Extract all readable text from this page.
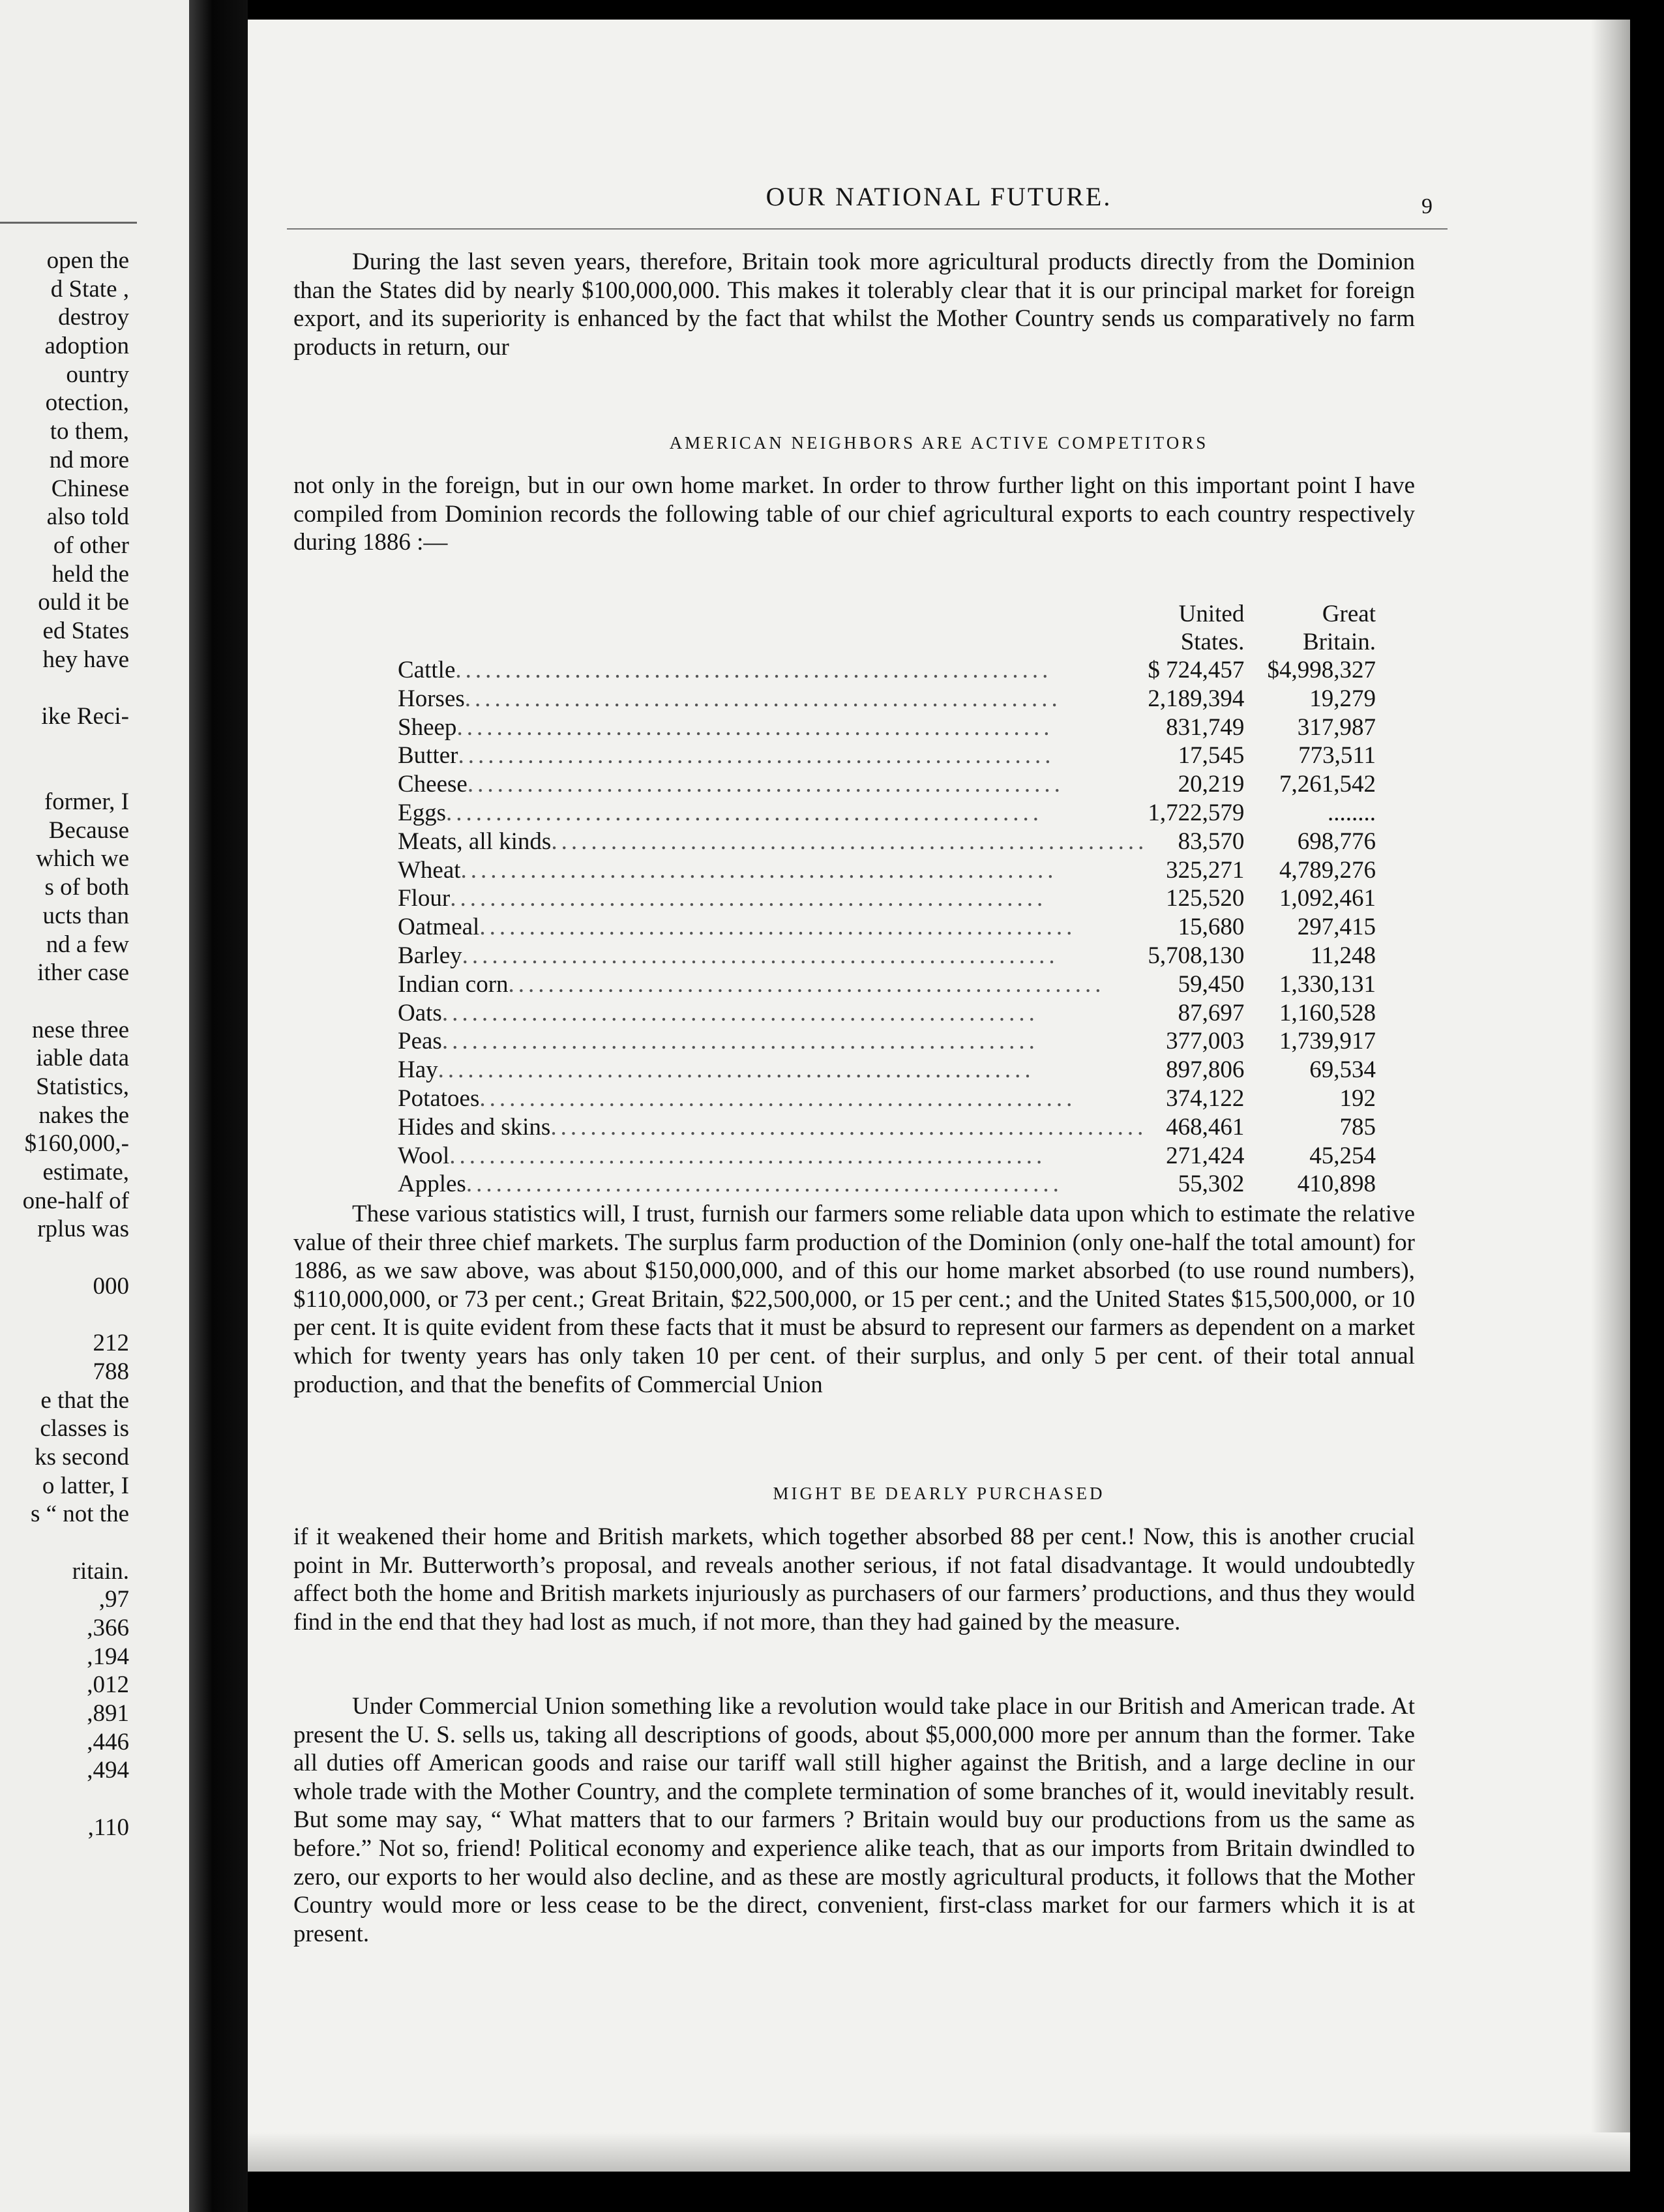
open the
d State ,
destroy
adoption
ountry
otection,
to them,
nd more
Chinese
also told
of other
held the
ould it be
ed States
hey have
ike Reci-
former, I
Because
which we
s of both
ucts than
nd a few
ither case
nese three
iable data
Statistics,
nakes the
$160,000,-
estimate,
one-half of
rplus was
000
212
788
e that the
classes is
ks second
o latter, I
s “ not the
ritain.
,97
,366
,194
,012
,891
,446
,494
,110
OUR NATIONAL FUTURE.	9

During the last seven years, therefore, Britain took more agricultural products directly from the Dominion than the States did by nearly $100,000,000. This makes it tolerably clear that it is our principal market for foreign export, and its superiority is enhanced by the fact that whilst the Mother Country sends us comparatively no farm products in return, our

AMERICAN NEIGHBORS ARE ACTIVE COMPETITORS

not only in the foreign, but in our own home market. In order to throw further light on this important point I have compiled from Dominion records the following table of our chief agricultural exports to each country respectively during 1886 :—

	United States.	Great Britain.
Cattle............................................................	$ 724,457	$4,998,327
Horses............................................................	2,189,394	19,279
Sheep............................................................	831,749	317,987
Butter............................................................	17,545	773,511
Cheese............................................................	20,219	7,261,542
Eggs............................................................	1,722,579	........
Meats, all kinds............................................................	83,570	698,776
Wheat............................................................	325,271	4,789,276
Flour............................................................	125,520	1,092,461
Oatmeal............................................................	15,680	297,415
Barley............................................................	5,708,130	11,248
Indian corn............................................................	59,450	1,330,131
Oats............................................................	87,697	1,160,528
Peas............................................................	377,003	1,739,917
Hay............................................................	897,806	69,534
Potatoes............................................................	374,122	192
Hides and skins............................................................	468,461	785
Wool............................................................	271,424	45,254
Apples............................................................	55,302	410,898

These various statistics will, I trust, furnish our farmers some reliable data upon which to estimate the relative value of their three chief markets. The surplus farm production of the Dominion (only one-half the total amount) for 1886, as we saw above, was about $150,000,000, and of this our home market absorbed (to use round numbers), $110,000,000, or 73 per cent.; Great Britain, $22,500,000, or 15 per cent.; and the United States $15,500,000, or 10 per cent. It is quite evident from these facts that it must be absurd to represent our farmers as dependent on a market which for twenty years has only taken 10 per cent. of their surplus, and only 5 per cent. of their total annual production, and that the benefits of Commercial Union

MIGHT BE DEARLY PURCHASED

if it weakened their home and British markets, which together absorbed 88 per cent.! Now, this is another crucial point in Mr. Butterworth’s proposal, and reveals another serious, if not fatal disadvantage. It would undoubtedly affect both the home and British markets injuriously as purchasers of our farmers’ productions, and thus they would find in the end that they had lost as much, if not more, than they had gained by the measure.

Under Commercial Union something like a revolution would take place in our British and American trade. At present the U. S. sells us, taking all descriptions of goods, about $5,000,000 more per annum than the former. Take all duties off American goods and raise our tariff wall still higher against the British, and a large decline in our whole trade with the Mother Country, and the complete termination of some branches of it, would inevitably result. But some may say, “ What matters that to our farmers ? Britain would buy our productions from us the same as before.” Not so, friend! Political economy and experience alike teach, that as our imports from Britain dwindled to zero, our exports to her would also decline, and as these are mostly agricultural products, it follows that the Mother Country would more or less cease to be the direct, convenient, first-class market for our farmers which it is at present.
